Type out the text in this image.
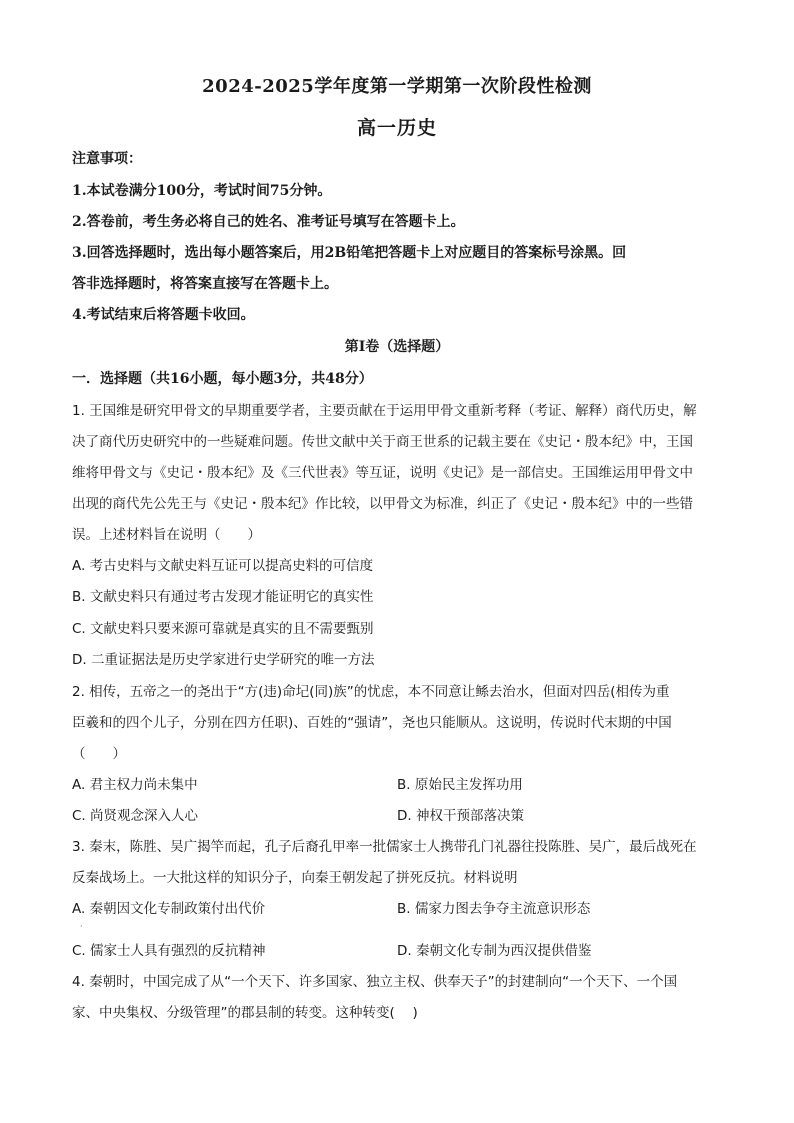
2024-2025学年度第一学期第一次阶段性检测
高一历史
注意事项：
1.本试卷满分100分，考试时间75分钟。
2.答卷前，考生务必将自己的姓名、准考证号填写在答题卡上。
3.回答选择题时，选出每小题答案后，用2B铅笔把答题卡上对应题目的答案标号涂黑。回
答非选择题时，将答案直接写在答题卡上。
4.考试结束后将答题卡收回。
第Ⅰ卷（选择题）
一．选择题（共16小题，每小题3分，共48分）
1. 王国维是研究甲骨文的早期重要学者，主要贡献在于运用甲骨文重新考释（考证、解释）商代历史，解
决了商代历史研究中的一些疑难问题。传世文献中关于商王世系的记载主要在《史记・殷本纪》中，王国
维将甲骨文与《史记・殷本纪》及《三代世表》等互证，说明《史记》是一部信史。王国维运用甲骨文中
出现的商代先公先王与《史记・殷本纪》作比较，以甲骨文为标准，纠正了《史记・殷本纪》中的一些错
误。上述材料旨在说明（　　）
A. 考古史料与文献史料互证可以提高史料的可信度
B. 文献史料只有通过考古发现才能证明它的真实性
C. 文献史料只要来源可靠就是真实的且不需要甄别
D. 二重证据法是历史学家进行史学研究的唯一方法
2. 相传，五帝之一的尧出于“方(违)命圮(同)族”的忧虑，本不同意让鲧去治水，但面对四岳(相传为重
臣羲和的四个儿子，分别在四方任职)、百姓的“强请”，尧也只能顺从。这说明，传说时代末期的中国
（　　）
A. 君主权力尚未集中	B. 原始民主发挥功用
C. 尚贤观念深入人心	D. 神权干预部落决策
3. 秦末，陈胜、吴广揭竿而起，孔子后裔孔甲率一批儒家士人携带孔门礼器往投陈胜、吴广，最后战死在
反秦战场上。一大批这样的知识分子，向秦王朝发起了拼死反抗。材料说明
A. 秦朝因文化专制政策付出代价	B. 儒家力图去争夺主流意识形态
·
C. 儒家士人具有强烈的反抗精神	D. 秦朝文化专制为西汉提供借鉴
4. 秦朝时，中国完成了从“一个天下、许多国家、独立主权、供奉天子”的封建制向“一个天下、一个国
家、中央集权、分级管理”的郡县制的转变。这种转变(　 )
